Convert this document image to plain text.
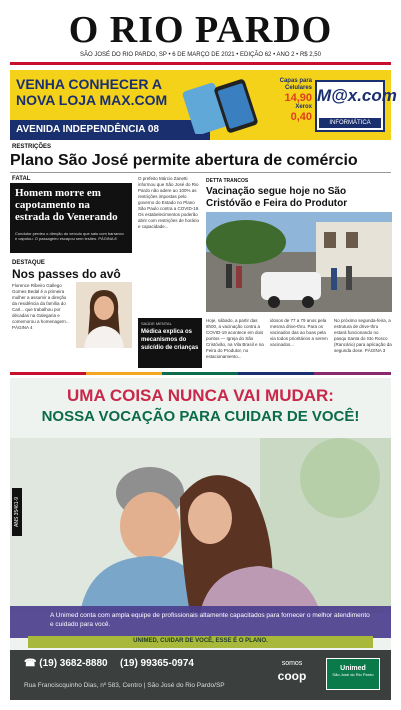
O RIO PARDO
SÃO JOSÉ DO RIO PARDO, SP • 6 DE MARÇO DE 2021 • EDIÇÃO 62 • ANO 2 • R$ 2,50
VENHA CONHECER A
NOVA LOJA MAX.COM
AVENIDA INDEPENDÊNCIA 08
Capas para Celulares
14,90
Xerox
0,40
M@x.com
INFORMÁTICA
RESTRIÇÕES
Plano São José permite abertura de comércio
FATAL
Homem morre em capotamento na estrada do Venerando
Condutor perdeu o direção do veículo que saiu com barranco e capotou. O passageiro escapou sem lesões. PÁGINA 8
DESTAQUE
Nos passes do avô
Florence Ribeiro Gallego Gomes Bedal é a primeira mulher a assumir a direção da residência da família do Carl... que trabalhou por décadas na Galegaria e comemorou a homenagem... PÁGINA 4
O prefeito Márcio Zanetti informou que São José do Rio Pardo não adere ao 100% as restrições impostas pelo governo do Estado no Plano São Paulo contra a COVID-19. Os estabelecimentos poderão abrir com restrições de horário e capacidade...
SAÚDE MENTAL
Médica explica os mecanismos do suicídio de crianças
DETTA TRANCOS
Vacinação segue hoje no São Cristóvão e Feira do Produtor
Hoje, sábado, a partir das 8h00, a vacinação contra a COVID-19 acontece em dois pontos — Igreja do São Cristóvão, na Vila Brasil e na Feira do Produtor, no estacionamento...
idosos de 77 a 79 anos pela mesma drive-thru. Para os vacinados das ao boas pela via todos prioritários a serem vacinados...
No próximo segunda-feira, a estrutura de drive-thru estará funcionando no pasqu Santa do Sto Rosco (Rancário) para aplicação da segunda dose. PÁGINA 3
UMA COISA NUNCA VAI MUDAR:
NOSSA VOCAÇÃO PARA CUIDAR DE VOCÊ!
A Unimed conta com ampla equipe de profissionais altamente capacitados para fornecer o melhor atendimento e cuidado para você.
UNIMED, CUIDAR DE VOCÊ, ESSE É O PLANO.
☎ (19) 3682-8880 (19) 99365-0974
Rua Franciscquinho Dias, nº 583, Centro | São José do Rio Pardo/SP
somos
coop
Unimed
São José do Rio Pardo
ANS 35461-9
